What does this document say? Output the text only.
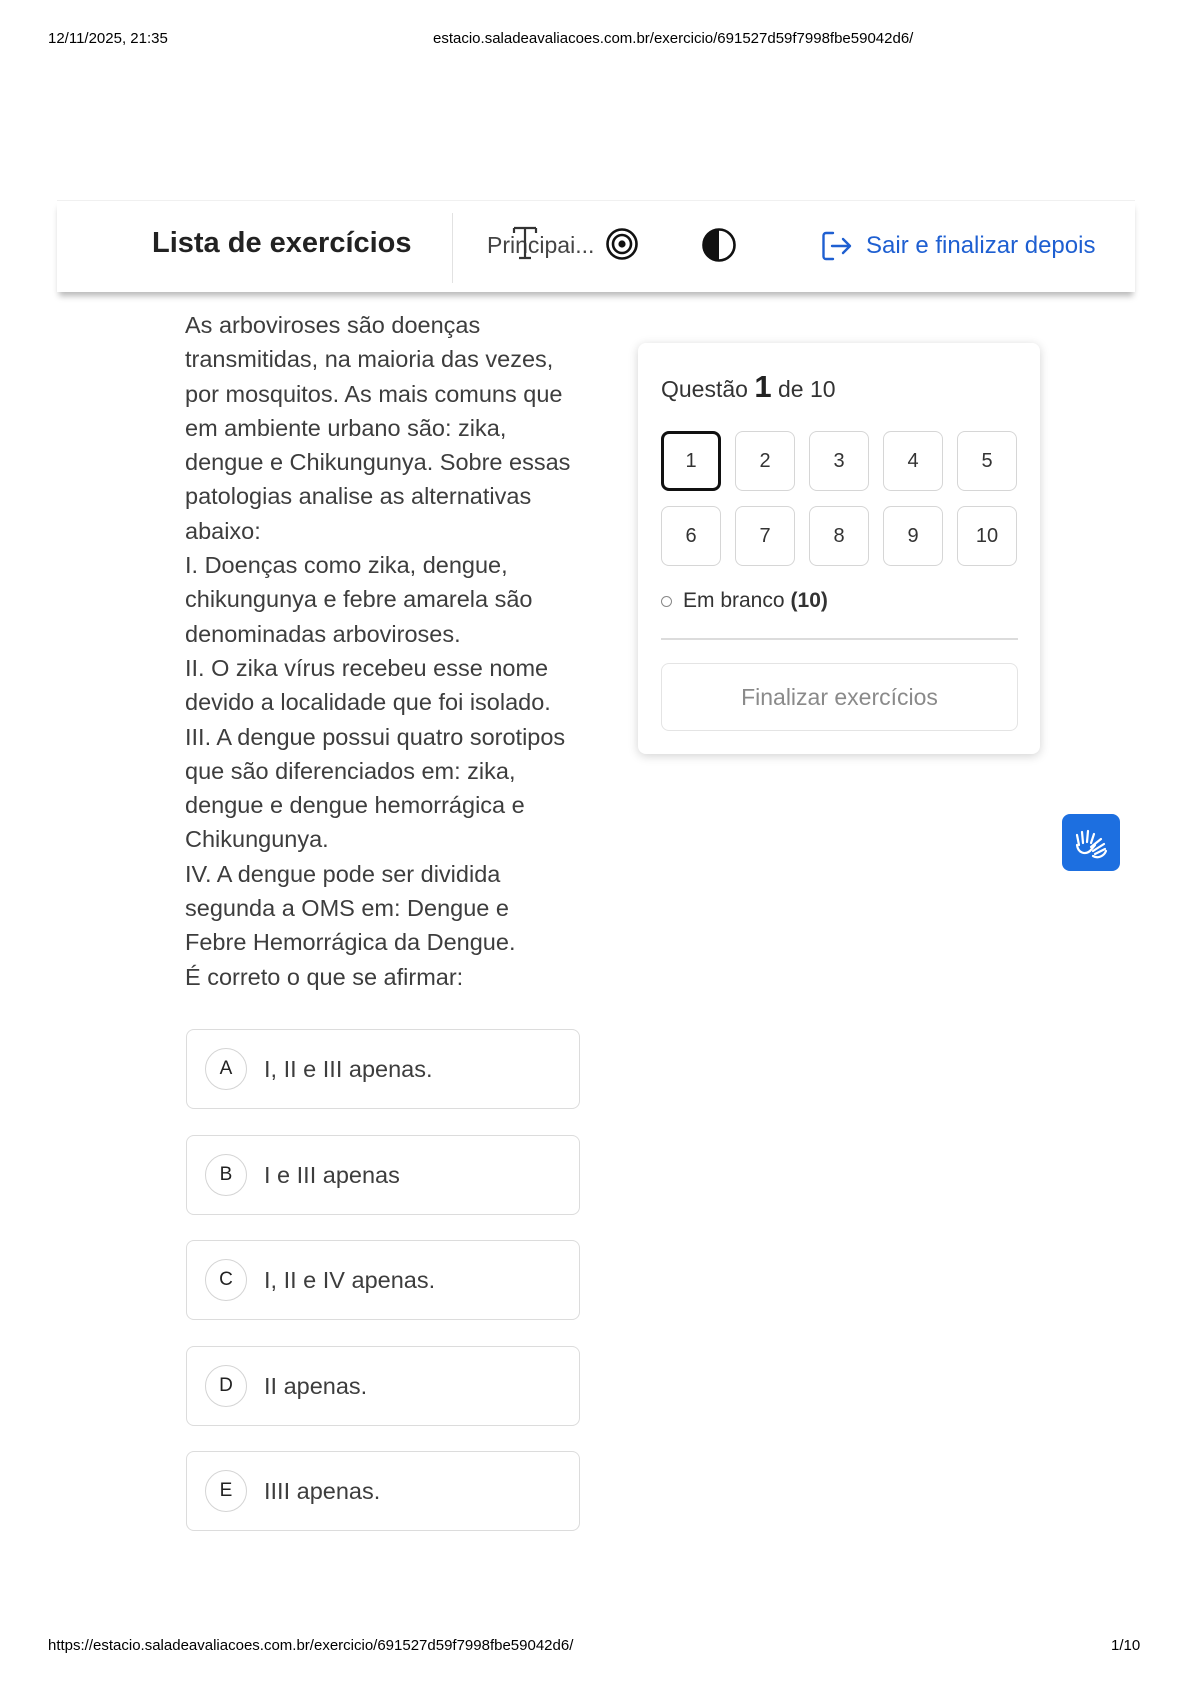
12/11/2025, 21:35	estacio.saladeavaliacoes.com.br/exercicio/691527d59f7998fbe59042d6/
Lista de exercícios	Principai...	Sair e finalizar depois
As arboviroses são doenças
transmitidas, na maioria das vezes,
por mosquitos. As mais comuns que
em ambiente urbano são: zika,
dengue e Chikungunya. Sobre essas
patologias analise as alternativas
abaixo:
I. Doenças como zika, dengue,
chikungunya e febre amarela são
denominadas arboviroses.
II. O zika vírus recebeu esse nome
devido a localidade que foi isolado.
III. A dengue possui quatro sorotipos
que são diferenciados em: zika,
dengue e dengue hemorrágica e
Chikungunya.
IV. A dengue pode ser dividida
segunda a OMS em: Dengue e
Febre Hemorrágica da Dengue.
É correto o que se afirmar:
A	I, II e III apenas.
B	I e III apenas
C	I, II e IV apenas.
D	II apenas.
E	IIII apenas.
Questão 1 de 10
1	2	3	4	5
6	7	8	9	10
Em branco (10)
Finalizar exercícios
https://estacio.saladeavaliacoes.com.br/exercicio/691527d59f7998fbe59042d6/	1/10
